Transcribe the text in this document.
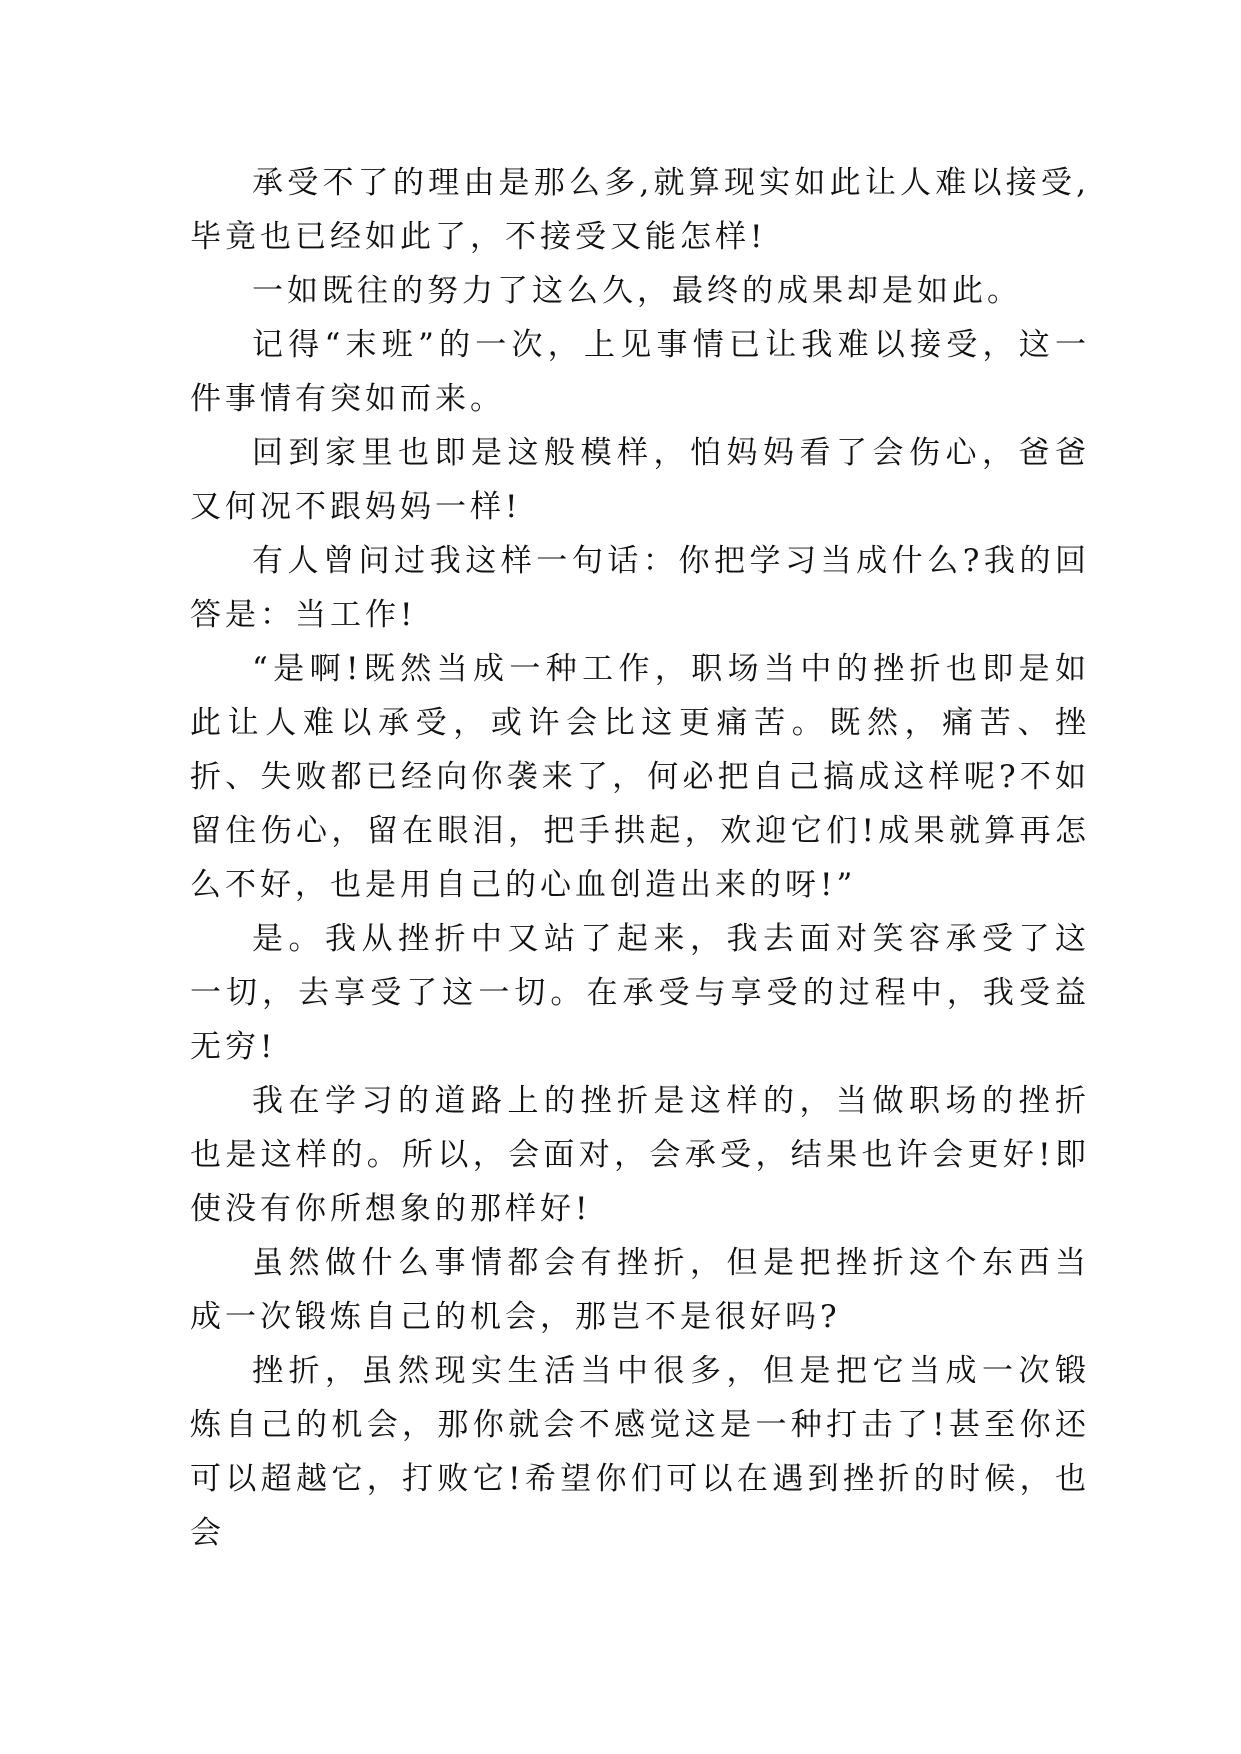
承受不了的理由是那么多,就算现实如此让人难以接受,毕竟也已经如此了，不接受又能怎样!

一如既往的努力了这么久，最终的成果却是如此。

记得“末班”的一次，上见事情已让我难以接受，这一件事情有突如而来。

回到家里也即是这般模样，怕妈妈看了会伤心，爸爸又何况不跟妈妈一样!

有人曾问过我这样一句话：你把学习当成什么?我的回答是：当工作!

“是啊!既然当成一种工作，职场当中的挫折也即是如此让人难以承受，或许会比这更痛苦。既然，痛苦、挫折、失败都已经向你袭来了，何必把自己搞成这样呢?不如留住伤心，留在眼泪，把手拱起，欢迎它们!成果就算再怎么不好，也是用自己的心血创造出来的呀!”

是。我从挫折中又站了起来，我去面对笑容承受了这一切，去享受了这一切。在承受与享受的过程中，我受益无穷!

我在学习的道路上的挫折是这样的，当做职场的挫折也是这样的。所以，会面对，会承受，结果也许会更好!即使没有你所想象的那样好!

虽然做什么事情都会有挫折，但是把挫折这个东西当成一次锻炼自己的机会，那岂不是很好吗?

挫折，虽然现实生活当中很多，但是把它当成一次锻炼自己的机会，那你就会不感觉这是一种打击了!甚至你还可以超越它，打败它!希望你们可以在遇到挫折的时候，也会
